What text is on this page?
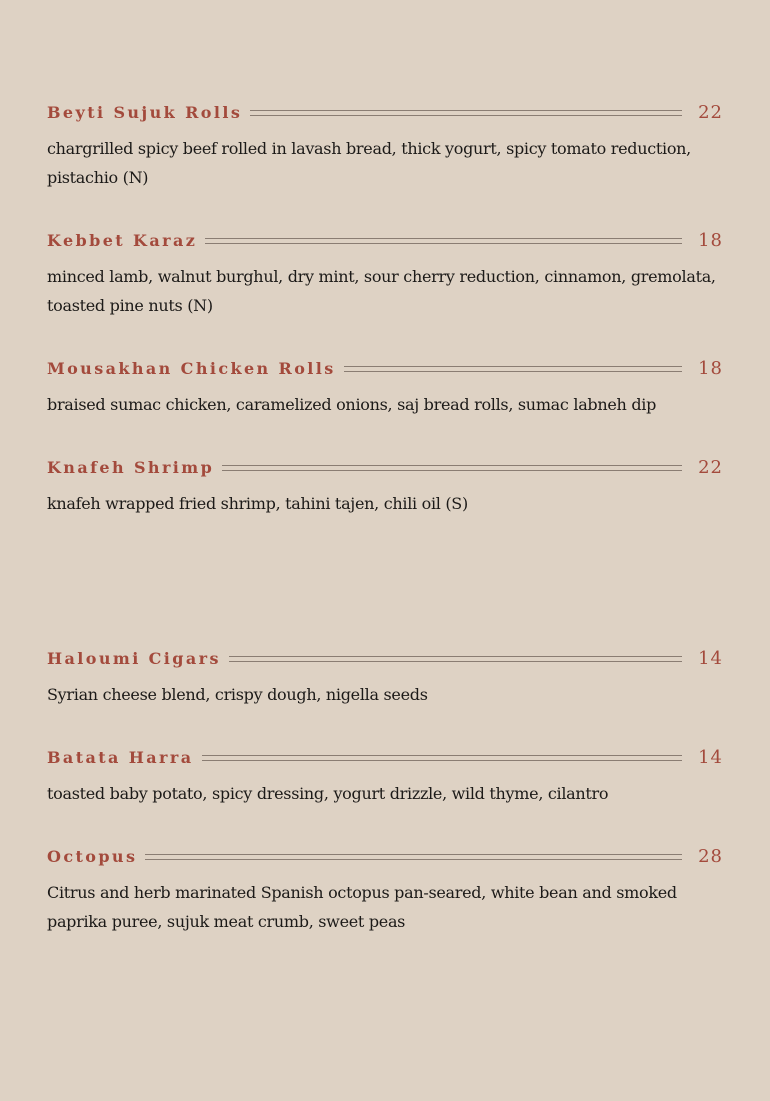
Beyti Sujuk Rolls	22
chargrilled spicy beef rolled in lavash bread, thick yogurt, spicy tomato reduction, pistachio (N)
Kebbet Karaz	18
minced lamb, walnut burghul, dry mint, sour cherry reduction, cinnamon, gremolata, toasted pine nuts (N)
Mousakhan Chicken Rolls	18
braised sumac chicken, caramelized onions, saj bread rolls, sumac labneh dip
Knafeh Shrimp	22
knafeh wrapped fried shrimp, tahini tajen, chili oil (S)
Haloumi Cigars	14
Syrian cheese blend, crispy dough, nigella seeds
Batata Harra	14
toasted baby potato, spicy dressing, yogurt drizzle, wild thyme, cilantro
Octopus	28
Citrus and herb marinated Spanish octopus pan-seared, white bean and smoked paprika puree, sujuk meat crumb, sweet peas
